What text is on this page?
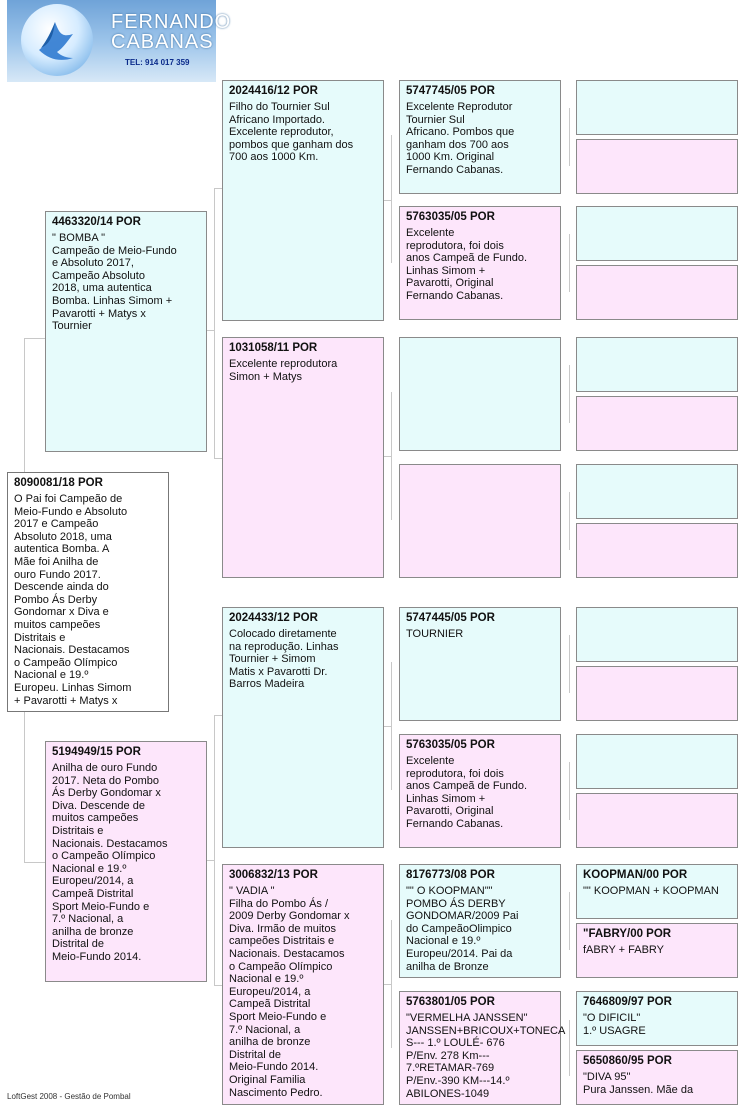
FERNANDO
CABANAS
TEL: 914 017 359
8090081/18 POR
O Pai foi Campeão de
Meio-Fundo e Absoluto
2017 e Campeão
Absoluto 2018, uma
autentica Bomba. A
Mãe foi Anilha de
ouro Fundo 2017.
Descende ainda do
Pombo Ás Derby
Gondomar x Diva e
muitos campeões
Distritais e
Nacionais. Destacamos
o Campeão Olímpico
Nacional e 19.º
Europeu. Linhas Simom
+ Pavarotti + Matys x
4463320/14 POR
" BOMBA "
Campeão de Meio-Fundo
e Absoluto 2017,
Campeão Absoluto
2018, uma autentica
Bomba. Linhas Simom +
Pavarotti + Matys x
Tournier
5194949/15 POR
Anilha de ouro Fundo
2017. Neta do Pombo
Ás Derby Gondomar x
Diva. Descende de
muitos campeões
Distritais e
Nacionais. Destacamos
o Campeão Olímpico
Nacional e 19.º
Europeu/2014, a
Campeã Distrital
Sport Meio-Fundo e
7.º Nacional, a
anilha de bronze
Distrital de
Meio-Fundo 2014.
2024416/12 POR
Filho do Tournier Sul
Africano Importado.
Excelente reprodutor,
pombos que ganham dos
700 aos 1000 Km.
1031058/11 POR
Excelente reprodutora
Simon + Matys
2024433/12 POR
Colocado diretamente
na reprodução. Linhas
Tournier + Simom
Matis x Pavarotti Dr.
Barros Madeira
3006832/13 POR
" VADIA "
Filha do Pombo Ás /
2009 Derby Gondomar x
Diva. Irmão de muitos
campeões Distritais e
Nacionais. Destacamos
o Campeão Olímpico
Nacional e 19.º
Europeu/2014, a
Campeã Distrital
Sport Meio-Fundo e
7.º Nacional, a
anilha de bronze
Distrital de
Meio-Fundo 2014.
Original Familia
Nascimento Pedro.
5747745/05 POR
Excelente Reprodutor
Tournier Sul
Africano. Pombos que
ganham dos 700 aos
1000 Km. Original
Fernando Cabanas.
5763035/05 POR
Excelente
reprodutora, foi dois
anos Campeã de Fundo.
Linhas Simom +
Pavarotti, Original
Fernando Cabanas.
5747445/05 POR
TOURNIER
5763035/05 POR
Excelente
reprodutora, foi dois
anos Campeã de Fundo.
Linhas Simom +
Pavarotti, Original
Fernando Cabanas.
8176773/08 POR
"" O KOOPMAN""
POMBO ÁS DERBY
GONDOMAR/2009 Pai
do CampeãoOlimpico
Nacional e 19.º
Europeu/2014. Pai da
anilha de Bronze
5763801/05 POR
"VERMELHA JANSSEN"
JANSSEN+BRICOUX+TONECA
S--- 1.º LOULÉ- 676
P/Env. 278 Km---
7.ºRETAMAR-769
P/Env.-390 KM---14.º
ABILONES-1049
KOOPMAN/00 POR
"" KOOPMAN + KOOPMAN
"FABRY/00 POR
fABRY + FABRY
7646809/97 POR
"O DIFICIL"
1.º USAGRE
5650860/95 POR
"DIVA 95"
Pura Janssen. Mãe da
LoftGest 2008 - Gestão de Pombal
